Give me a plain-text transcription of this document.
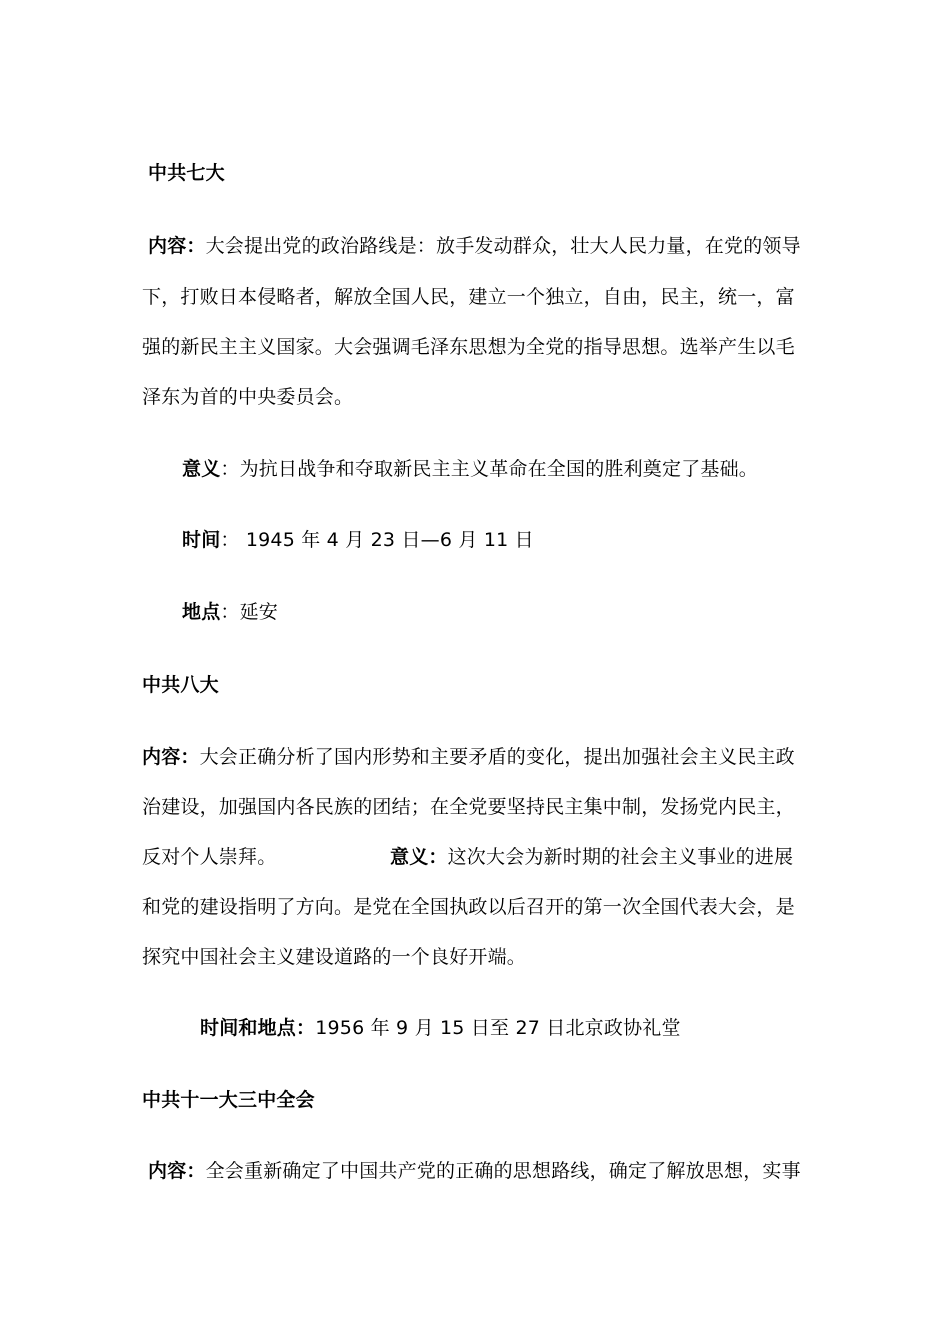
中共七大
内容：大会提出党的政治路线是：放手发动群众，壮大人民力量，在党的领导
下，打败日本侵略者，解放全国人民，建立一个独立，自由，民主，统一，富
强的新民主主义国家。大会强调毛泽东思想为全党的指导思想。选举产生以毛
泽东为首的中央委员会。
意义：为抗日战争和夺取新民主主义革命在全国的胜利奠定了基础。
时间： 1945 年 4 月 23 日—6 月 11 日
地点：延安
中共八大
内容：大会正确分析了国内形势和主要矛盾的变化，提出加强社会主义民主政
治建设，加强国内各民族的团结；在全党要坚持民主集中制，发扬党内民主，
反对个人崇拜。	意义：这次大会为新时期的社会主义事业的进展
和党的建设指明了方向。是党在全国执政以后召开的第一次全国代表大会，是
探究中国社会主义建设道路的一个良好开端。
时间和地点：1956 年 9 月 15 日至 27 日北京政协礼堂
中共十一大三中全会
内容：全会重新确定了中国共产党的正确的思想路线，确定了解放思想，实事
